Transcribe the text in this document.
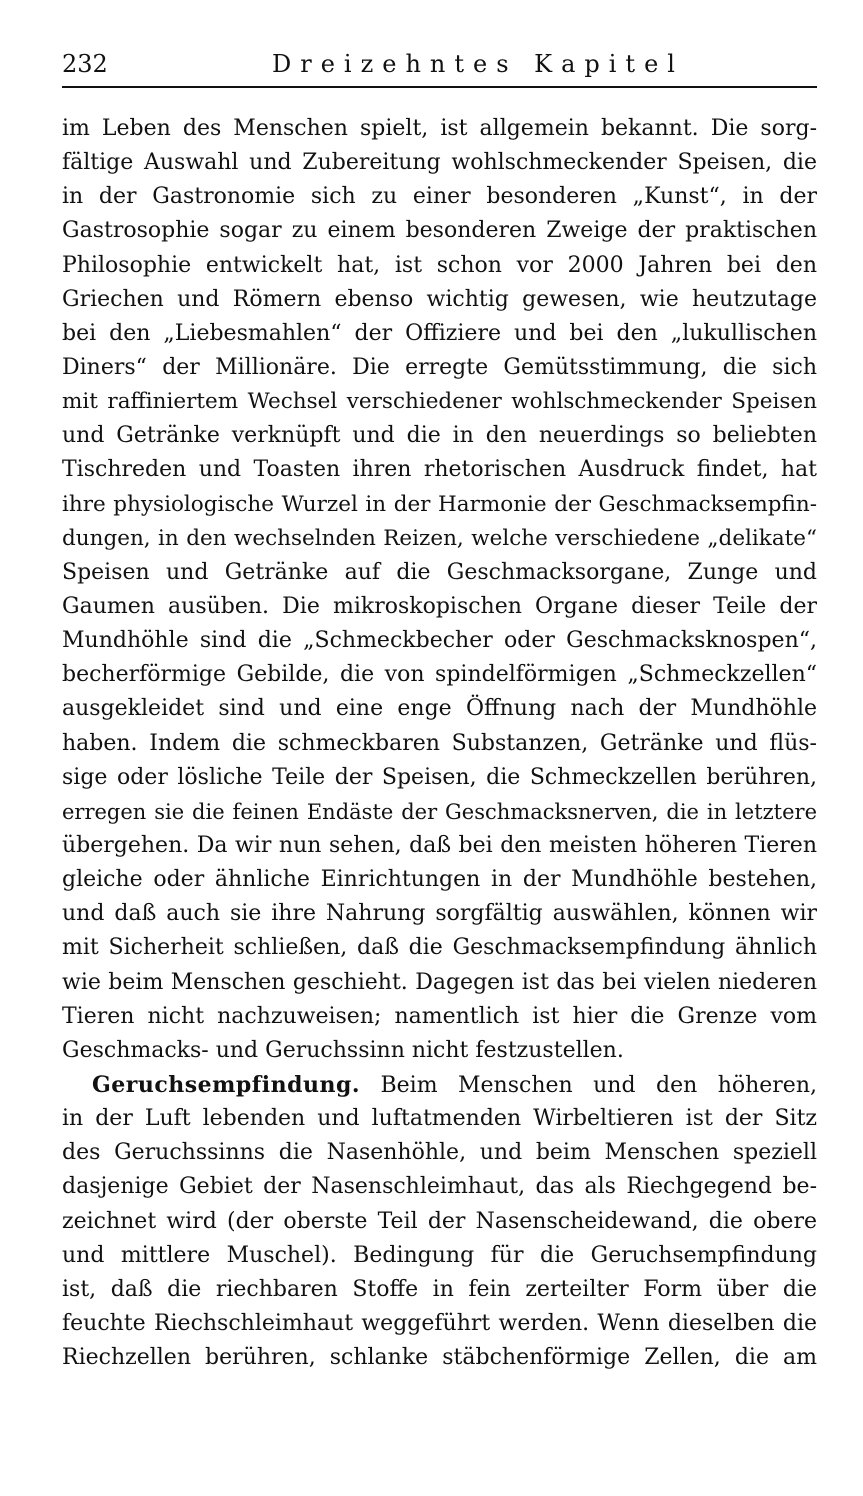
232	Dreizehntes Kapitel
im Leben des Menschen spielt, ist allgemein bekannt. Die sorg-
fältige Auswahl und Zubereitung wohlschmeckender Speisen, die
in der Gastronomie sich zu einer besonderen „Kunst“, in der
Gastrosophie sogar zu einem besonderen Zweige der praktischen
Philosophie entwickelt hat, ist schon vor 2000 Jahren bei den
Griechen und Römern ebenso wichtig gewesen, wie heutzutage
bei den „Liebesmahlen“ der Offiziere und bei den „lukullischen
Diners“ der Millionäre. Die erregte Gemütsstimmung, die sich
mit raffiniertem Wechsel verschiedener wohlschmeckender Speisen
und Getränke verknüpft und die in den neuerdings so beliebten
Tischreden und Toasten ihren rhetorischen Ausdruck findet, hat
ihre physiologische Wurzel in der Harmonie der Geschmacksempfin-
dungen, in den wechselnden Reizen, welche verschiedene „delikate“
Speisen und Getränke auf die Geschmacksorgane, Zunge und
Gaumen ausüben. Die mikroskopischen Organe dieser Teile der
Mundhöhle sind die „Schmeckbecher oder Geschmacksknospen“,
becherförmige Gebilde, die von spindelförmigen „Schmeckzellen“
ausgekleidet sind und eine enge Öffnung nach der Mundhöhle
haben. Indem die schmeckbaren Substanzen, Getränke und flüs-
sige oder lösliche Teile der Speisen, die Schmeckzellen berühren,
erregen sie die feinen Endäste der Geschmacksnerven, die in letztere
übergehen. Da wir nun sehen, daß bei den meisten höheren Tieren
gleiche oder ähnliche Einrichtungen in der Mundhöhle bestehen,
und daß auch sie ihre Nahrung sorgfältig auswählen, können wir
mit Sicherheit schließen, daß die Geschmacksempfindung ähnlich
wie beim Menschen geschieht. Dagegen ist das bei vielen niederen
Tieren nicht nachzuweisen; namentlich ist hier die Grenze vom
Geschmacks- und Geruchssinn nicht festzustellen.
Geruchsempfindung. Beim Menschen und den höheren,
in der Luft lebenden und luftatmenden Wirbeltieren ist der Sitz
des Geruchssinns die Nasenhöhle, und beim Menschen speziell
dasjenige Gebiet der Nasenschleimhaut, das als Riechgegend be-
zeichnet wird (der oberste Teil der Nasenscheidewand, die obere
und mittlere Muschel). Bedingung für die Geruchsempfindung
ist, daß die riechbaren Stoffe in fein zerteilter Form über die
feuchte Riechschleimhaut weggeführt werden. Wenn dieselben die
Riechzellen berühren, schlanke stäbchenförmige Zellen, die am
